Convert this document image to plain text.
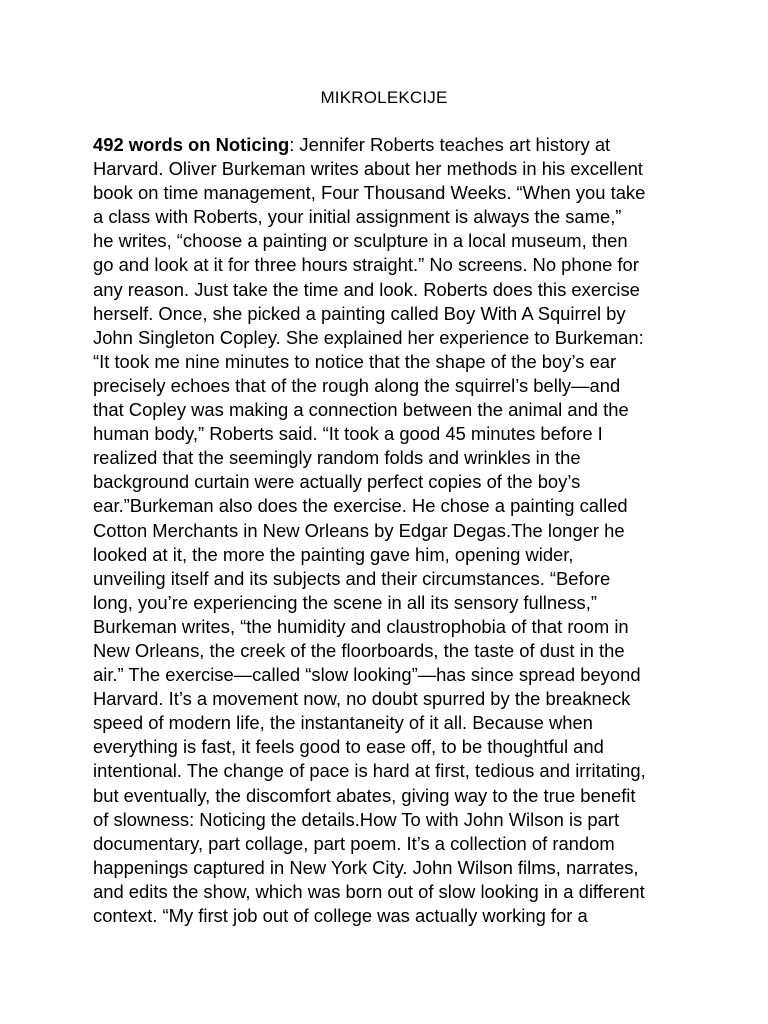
MIKROLEKCIJE
492 words on Noticing: Jennifer Roberts teaches art history at
Harvard. Oliver Burkeman writes about her methods in his excellent
book on time management, Four Thousand Weeks. “When you take
a class with Roberts, your initial assignment is always the same,”
he writes, “choose a painting or sculpture in a local museum, then
go and look at it for three hours straight.” No screens. No phone for
any reason. Just take the time and look. Roberts does this exercise
herself. Once, she picked a painting called Boy With A Squirrel by
John Singleton Copley. She explained her experience to Burkeman:
“It took me nine minutes to notice that the shape of the boy’s ear
precisely echoes that of the rough along the squirrel’s belly—and
that Copley was making a connection between the animal and the
human body,” Roberts said. “It took a good 45 minutes before I
realized that the seemingly random folds and wrinkles in the
background curtain were actually perfect copies of the boy’s
ear.”Burkeman also does the exercise. He chose a painting called
Cotton Merchants in New Orleans by Edgar Degas.The longer he
looked at it, the more the painting gave him, opening wider,
unveiling itself and its subjects and their circumstances. “Before
long, you’re experiencing the scene in all its sensory fullness,”
Burkeman writes, “the humidity and claustrophobia of that room in
New Orleans, the creek of the floorboards, the taste of dust in the
air.” The exercise—called “slow looking”—has since spread beyond
Harvard. It’s a movement now, no doubt spurred by the breakneck
speed of modern life, the instantaneity of it all. Because when
everything is fast, it feels good to ease off, to be thoughtful and
intentional. The change of pace is hard at first, tedious and irritating,
but eventually, the discomfort abates, giving way to the true benefit
of slowness: Noticing the details.How To with John Wilson is part
documentary, part collage, part poem. It’s a collection of random
happenings captured in New York City. John Wilson films, narrates,
and edits the show, which was born out of slow looking in a different
context. “My first job out of college was actually working for a
